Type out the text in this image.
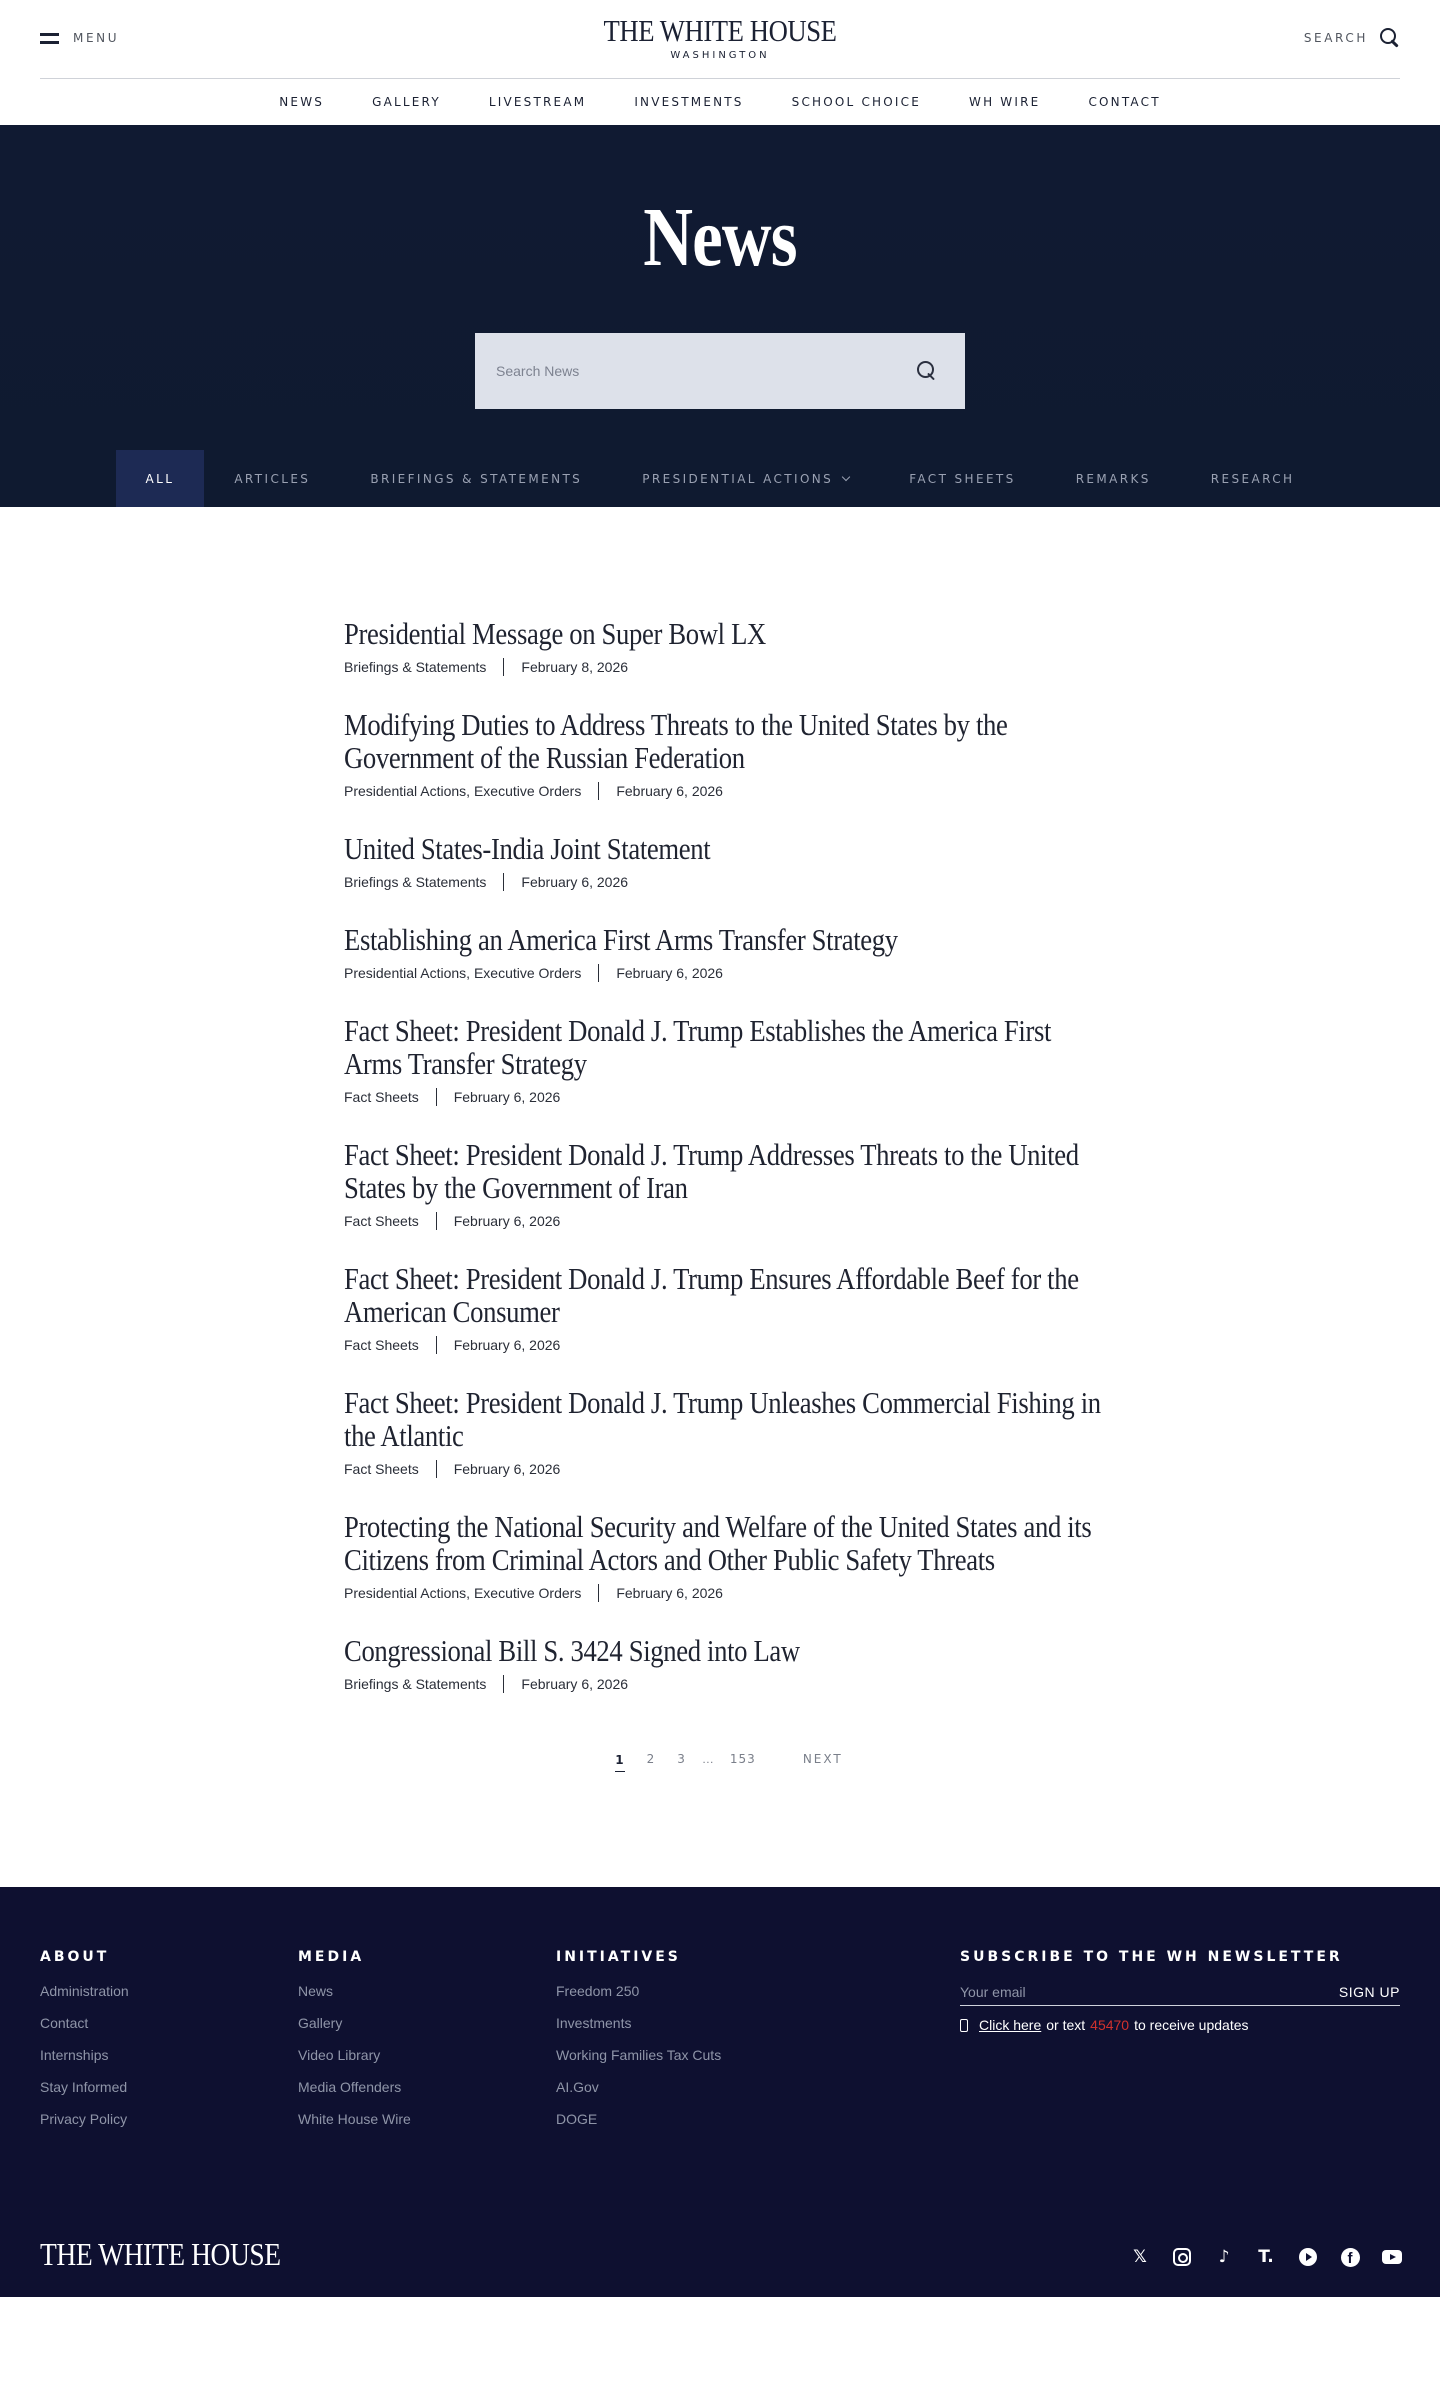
MENU	THE WHITE HOUSE
WASHINGTON
SEARCH
NEWS	GALLERY	LIVESTREAM	INVESTMENTS	SCHOOL CHOICE	WH WIRE	CONTACT
News
Search News
ALL	ARTICLES	BRIEFINGS & STATEMENTS	PRESIDENTIAL ACTIONS	FACT SHEETS	REMARKS	RESEARCH
Presidential Message on Super Bowl LX
Briefings & Statements	February 8, 2026
Modifying Duties to Address Threats to the United States by the Government of the Russian Federation
Presidential Actions, Executive Orders	February 6, 2026
United States-India Joint Statement
Briefings & Statements	February 6, 2026
Establishing an America First Arms Transfer Strategy
Presidential Actions, Executive Orders	February 6, 2026
Fact Sheet: President Donald J. Trump Establishes the America First Arms Transfer Strategy
Fact Sheets	February 6, 2026
Fact Sheet: President Donald J. Trump Addresses Threats to the United States by the Government of Iran
Fact Sheets	February 6, 2026
Fact Sheet: President Donald J. Trump Ensures Affordable Beef for the American Consumer
Fact Sheets	February 6, 2026
Fact Sheet: President Donald J. Trump Unleashes Commercial Fishing in the Atlantic
Fact Sheets	February 6, 2026
Protecting the National Security and Welfare of the United States and its Citizens from Criminal Actors and Other Public Safety Threats
Presidential Actions, Executive Orders	February 6, 2026
Congressional Bill S. 3424 Signed into Law
Briefings & Statements	February 6, 2026
1 2 3 … 153	NEXT
ABOUT
Administration
Contact
Internships
Stay Informed
Privacy Policy
MEDIA
News
Gallery
Video Library
Media Offenders
White House Wire
INITIATIVES
Freedom 250
Investments
Working Families Tax Cuts
AI.Gov
DOGE
SUBSCRIBE TO THE WH NEWSLETTER
Your email
SIGN UP
Click here or text 45470 to receive updates
THE WHITE HOUSE	𝕏	♪ T.	f
